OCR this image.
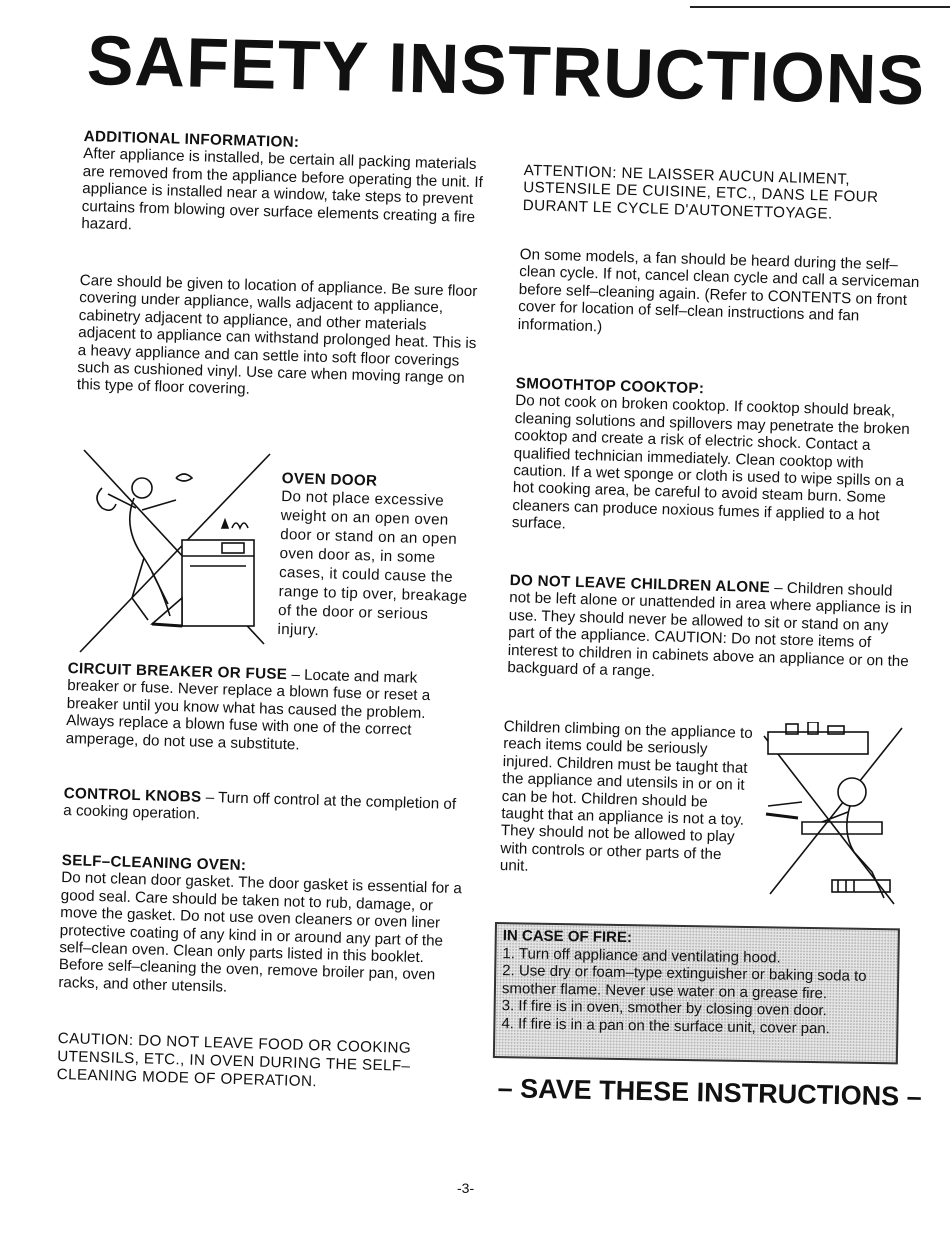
SAFETY INSTRUCTIONS
ADDITIONAL INFORMATION:

After appliance is installed, be certain all packing materials are removed from the appliance before operating the unit. If appliance is installed near a window, take steps to prevent curtains from blowing over surface elements creating a fire hazard.

Care should be given to location of appliance. Be sure floor covering under appliance, walls adjacent to appliance, cabinetry adjacent to appliance, and other materials adjacent to appliance can withstand prolonged heat. This is a heavy appliance and can settle into soft floor coverings such as cushioned vinyl. Use care when moving range on this type of floor covering.

OVEN DOOR

Do not place excessive weight on an open oven door or stand on an open oven door as, in some cases, it could cause the range to tip over, breakage of the door or serious injury.

CIRCUIT BREAKER OR FUSE – Locate and mark breaker or fuse. Never replace a blown fuse or reset a breaker until you know what has caused the problem. Always replace a blown fuse with one of the correct amperage, do not use a substitute.

CONTROL KNOBS – Turn off control at the completion of a cooking operation.

SELF–CLEANING OVEN:

Do not clean door gasket. The door gasket is essential for a good seal. Care should be taken not to rub, damage, or move the gasket. Do not use oven cleaners or oven liner protective coating of any kind in or around any part of the self–clean oven. Clean only parts listed in this booklet. Before self–cleaning the oven, remove broiler pan, oven racks, and other utensils.

CAUTION: DO NOT LEAVE FOOD OR COOKING UTENSILS, ETC., IN OVEN DURING THE SELF–CLEANING MODE OF OPERATION.

ATTENTION: NE LAISSER AUCUN ALIMENT, USTENSILE DE CUISINE, ETC., DANS LE FOUR DURANT LE CYCLE D'AUTONETTOYAGE.

On some models, a fan should be heard during the self–clean cycle. If not, cancel clean cycle and call a serviceman before self–cleaning again. (Refer to CONTENTS on front cover for location of self–clean instructions and fan information.)

SMOOTHTOP COOKTOP:

Do not cook on broken cooktop. If cooktop should break, cleaning solutions and spillovers may penetrate the broken cooktop and create a risk of electric shock. Contact a qualified technician immediately. Clean cooktop with caution. If a wet sponge or cloth is used to wipe spills on a hot cooking area, be careful to avoid steam burn. Some cleaners can produce noxious fumes if applied to a hot surface.

DO NOT LEAVE CHILDREN ALONE – Children should not be left alone or unattended in area where appliance is in use. They should never be allowed to sit or stand on any part of the appliance. CAUTION: Do not store items of interest to children in cabinets above an appliance or on the backguard of a range.

Children climbing on the appliance to reach items could be seriously injured. Children must be taught that the appliance and utensils in or on it can be hot. Children should be taught that an appliance is not a toy. They should not be allowed to play with controls or other parts of the unit.

IN CASE OF FIRE:
1. Turn off appliance and ventilating hood.
2. Use dry or foam–type extinguisher or baking soda to smother flame. Never use water on a grease fire.
3. If fire is in oven, smother by closing oven door.
4. If fire is in a pan on the surface unit, cover pan.
– SAVE THESE INSTRUCTIONS –
-3-
